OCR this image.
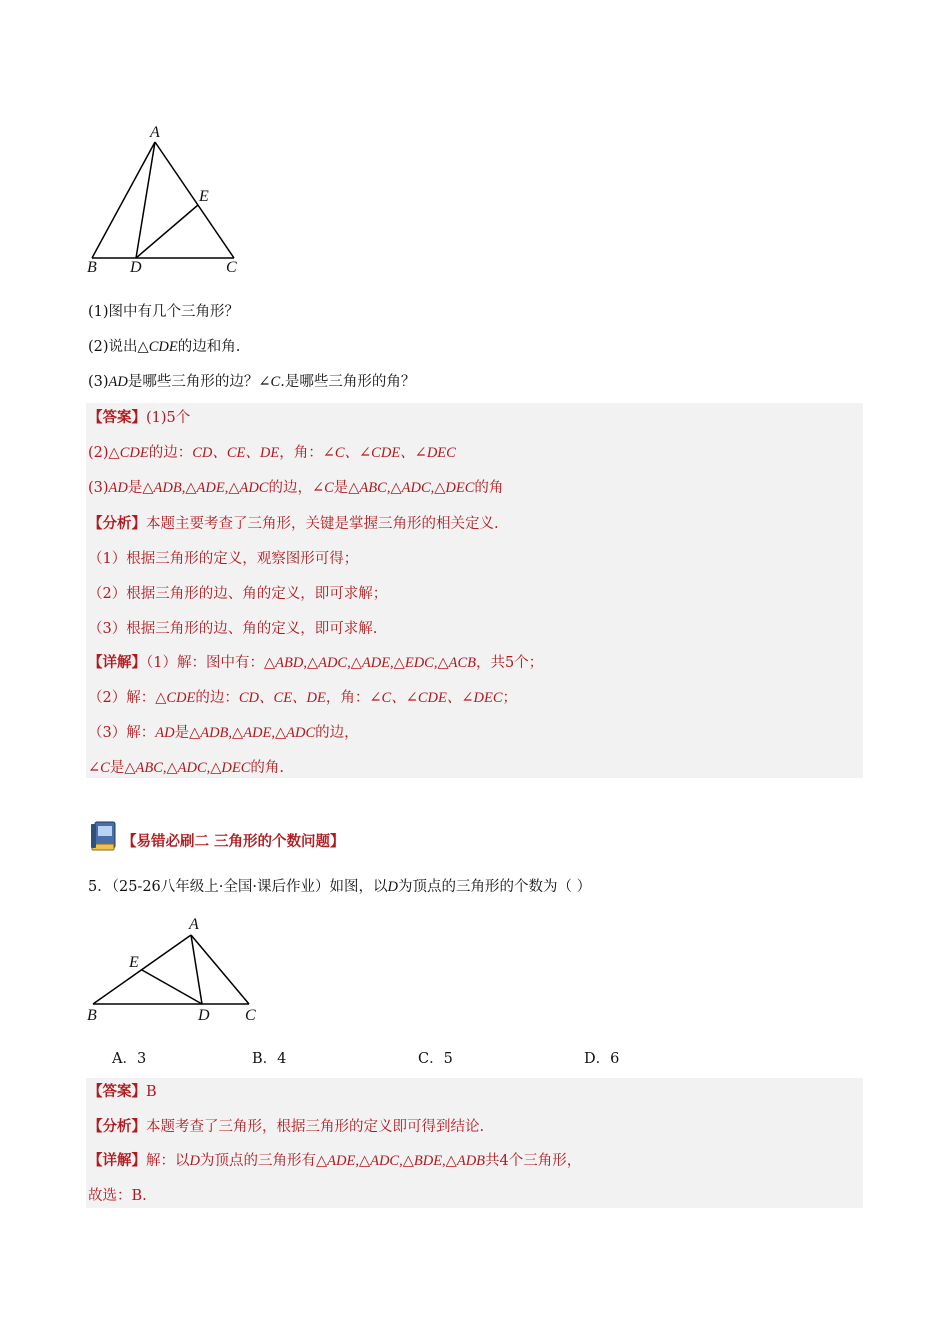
A
E
B D	C
(1)图中有几个三角形？
(2)说出△CDE的边和角.
(3)AD是哪些三角形的边？∠C.是哪些三角形的角？
【答案】(1)5个
(2)△CDE的边：CD、CE、DE，角：∠C、∠CDE、∠DEC
(3)AD是△ADB,△ADE,△ADC的边，∠C是△ABC,△ADC,△DEC的角
【分析】本题主要考查了三角形，关键是掌握三角形的相关定义.
（1）根据三角形的定义，观察图形可得；
（2）根据三角形的边、角的定义，即可求解；
（3）根据三角形的边、角的定义，即可求解.
【详解】（1）解：图中有：△ABD,△ADC,△ADE,△EDC,△ACB，共5个；
（2）解：△CDE的边：CD、CE、DE，角：∠C、∠CDE、∠DEC；
（3）解：AD是△ADB,△ADE,△ADC的边，
∠C是△ABC,△ADC,△DEC的角.
【易错必刷二 三角形的个数问题】
5．（25-26八年级上·全国·课后作业）如图，以D为顶点的三角形的个数为（ ）
A
E
B	D C
A．3	B．4	C．5	D．6
【答案】B
【分析】本题考查了三角形，根据三角形的定义即可得到结论.
【详解】解：以D为顶点的三角形有△ADE,△ADC,△BDE,△ADB共4个三角形，
故选：B.
